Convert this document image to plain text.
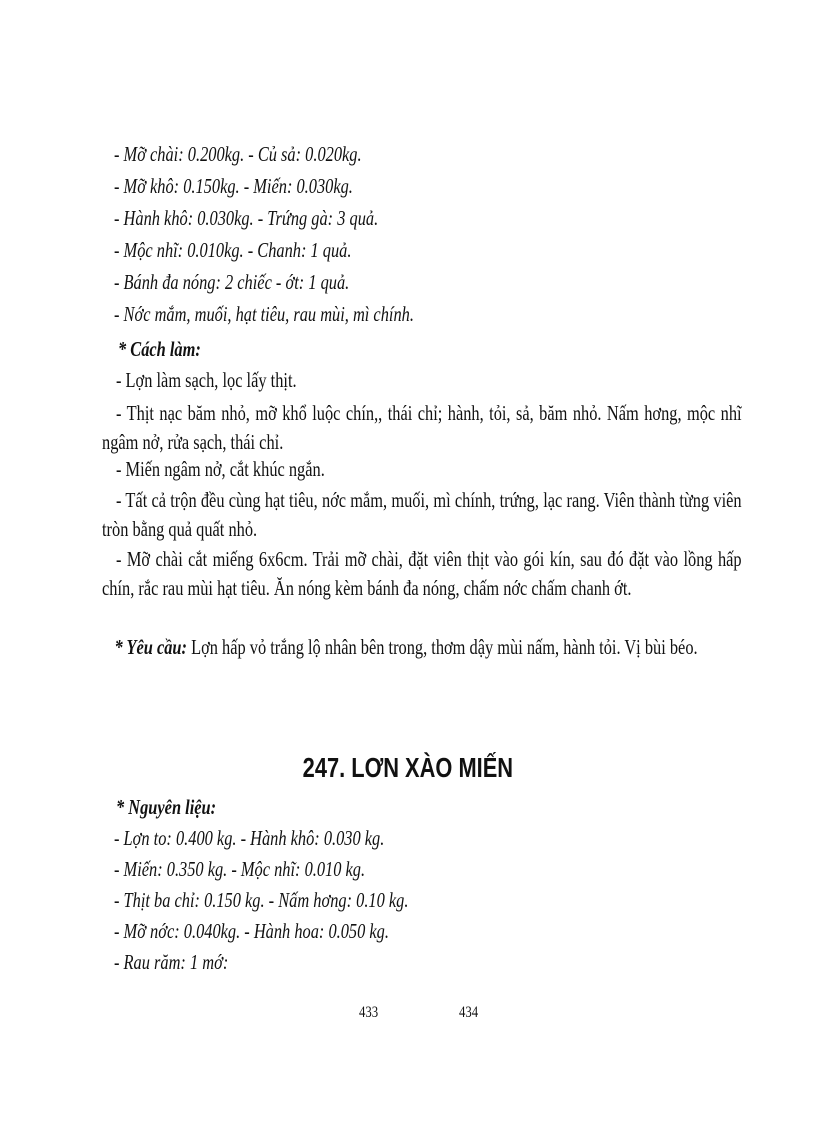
- Mỡ chài: 0.200kg. - Củ sả: 0.020kg.
- Mỡ khô: 0.150kg. - Miến: 0.030kg.
- Hành khô: 0.030kg. - Trứng gà: 3 quả.
- Mộc nhĩ: 0.010kg. - Chanh: 1 quả.
- Bánh đa nóng: 2 chiếc - ớt: 1 quả.
- Nớc mắm, muối, hạt tiêu, rau mùi, mì chính.
* Cách làm:
- Lợn làm sạch, lọc lấy thịt.
- Thịt nạc băm nhỏ, mỡ khổ luộc chín,, thái chỉ; hành, tỏi, sả, băm nhỏ. Nấm hơng, mộc nhĩ ngâm nở, rửa sạch, thái chỉ.
- Miến ngâm nở, cắt khúc ngắn.
- Tất cả trộn đều cùng hạt tiêu, nớc mắm, muối, mì chính, trứng, lạc rang. Viên thành từng viên tròn bằng quả quất nhỏ.
- Mỡ chài cắt miếng 6x6cm. Trải mỡ chài, đặt viên thịt vào gói kín, sau đó đặt vào lồng hấp chín, rắc rau mùi hạt tiêu. Ăn nóng kèm bánh đa nóng, chấm nớc chấm chanh ớt.
* Yêu cầu: Lợn hấp vỏ trắng lộ nhân bên trong, thơm dậy mùi nấm, hành tỏi. Vị bùi béo.
247. LƠN XÀO MIẾN
* Nguyên liệu:
- Lợn to: 0.400 kg. - Hành khô: 0.030 kg.
- Miến: 0.350 kg. - Mộc nhĩ: 0.010 kg.
- Thịt ba chỉ: 0.150 kg. - Nấm hơng: 0.10 kg.
- Mỡ nớc: 0.040kg. - Hành hoa: 0.050 kg.
- Rau răm: 1 mớ:
433	434
